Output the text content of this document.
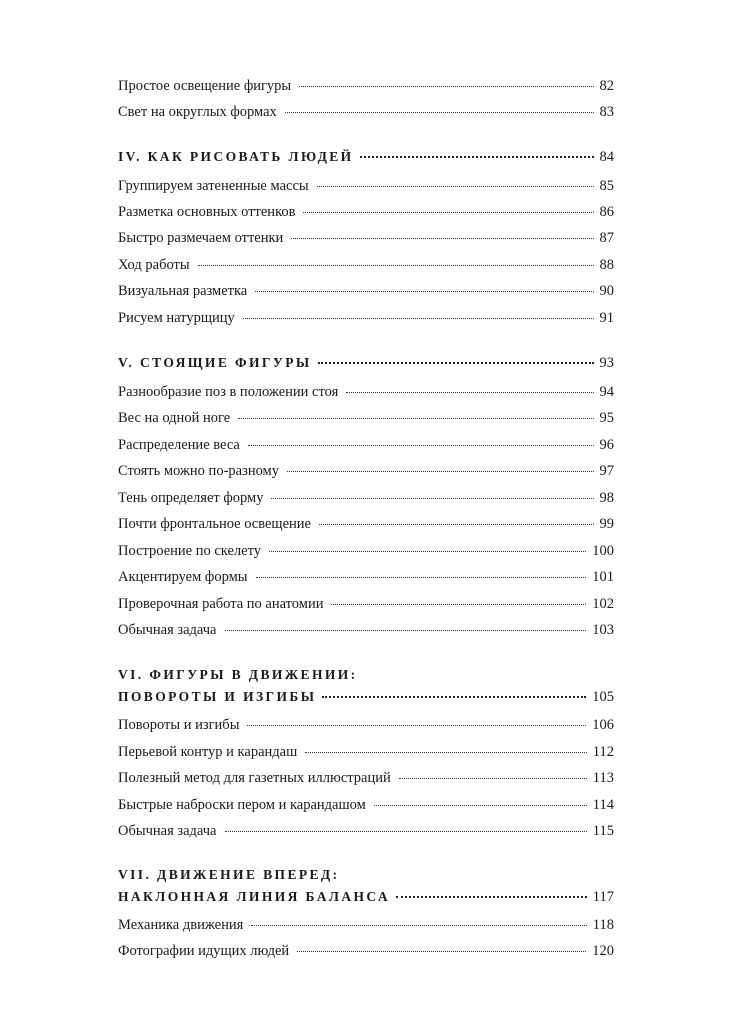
Простое освещение фигуры	82
Свет на округлых формах	83
IV. КАК РИСОВАТЬ ЛЮДЕЙ	84
Группируем затененные массы	85
Разметка основных оттенков	86
Быстро размечаем оттенки	87
Ход работы	88
Визуальная разметка	90
Рисуем натурщицу	91
V. СТОЯЩИЕ ФИГУРЫ	93
Разнообразие поз в положении стоя	94
Вес на одной ноге	95
Распределение веса	96
Стоять можно по-разному	97
Тень определяет форму	98
Почти фронтальное освещение	99
Построение по скелету	100
Акцентируем формы	101
Проверочная работа по анатомии	102
Обычная задача	103
VI. ФИГУРЫ В ДВИЖЕНИИ:
ПОВОРОТЫ И ИЗГИБЫ	105
Повороты и изгибы	106
Перьевой контур и карандаш	112
Полезный метод для газетных иллюстраций	113
Быстрые наброски пером и карандашом	114
Обычная задача	115
VII. ДВИЖЕНИЕ ВПЕРЕД:
НАКЛОННАЯ ЛИНИЯ БАЛАНСА	117
Механика движения	118
Фотографии идущих людей	120
